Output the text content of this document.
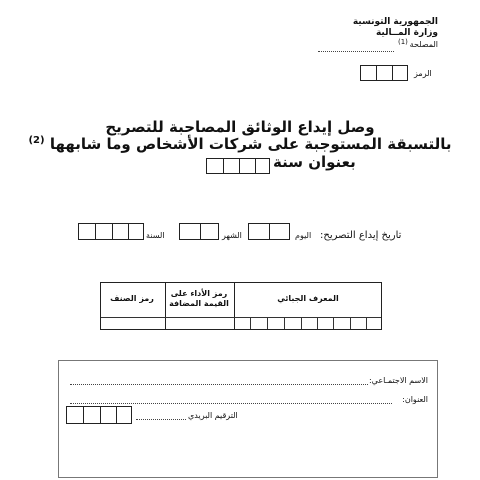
الجمهورية التونسية
وزارة المــالية
المصلحة
(1)
الرمز
وصل إيداع الوثائق المصاحبة للتصريح
بالتسبقة المستوجبة على شركات الأشخاص وما شابهها $^{(2)}$
بعنوان سنة
تاريخ إيداع التصريح:
اليوم
الشهر
السنة
رمز الصنف
رمز الأداء على القيمة المضافة
المعرف الجبائي
الاسم الاجتمـاعي:
العنوان:
الترقيم البريدي
